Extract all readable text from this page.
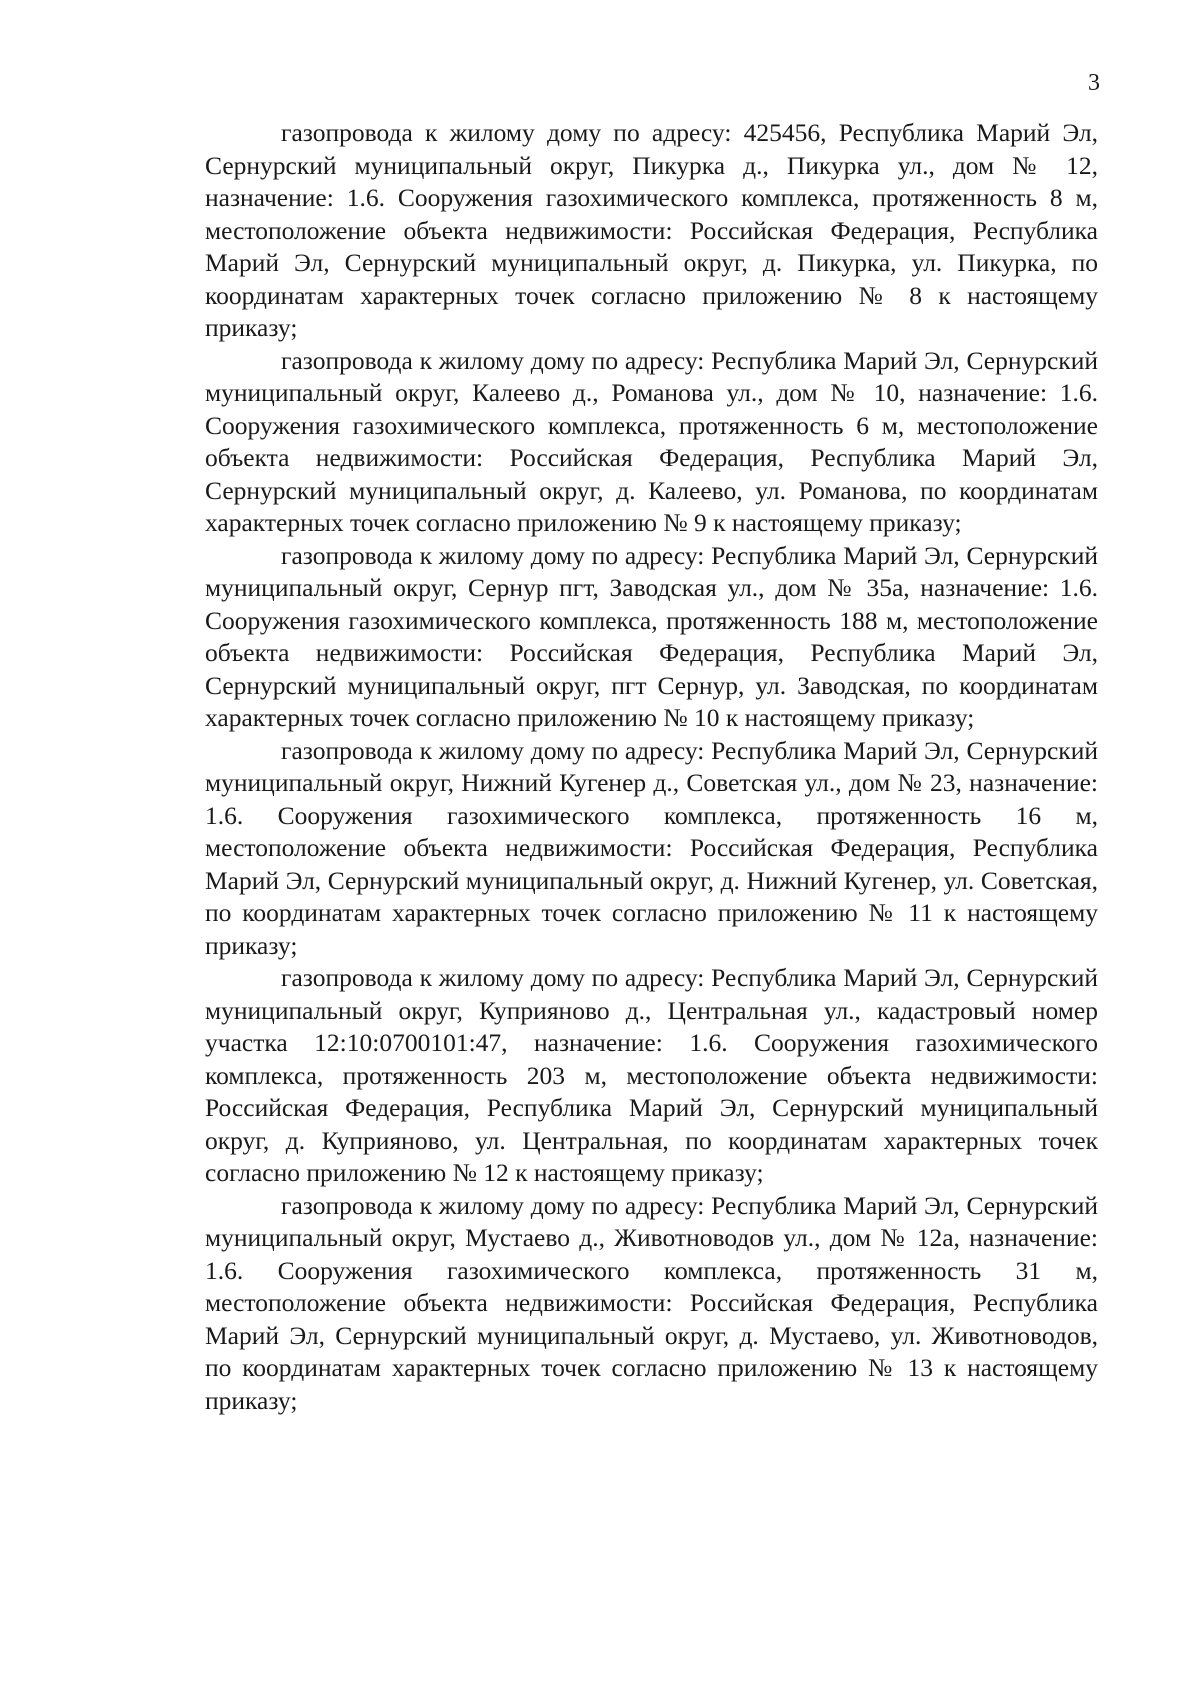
3

газопровода к жилому дому по адресу: 425456, Республика Марий Эл, Сернурский муниципальный округ, Пикурка д., Пикурка ул., дом № 12, назначение: 1.6. Сооружения газохимического комплекса, протяженность 8 м, местоположение объекта недвижимости: Российская Федерация, Республика Марий Эл, Сернурский муниципальный округ, д. Пикурка, ул. Пикурка, по координатам характерных точек согласно приложению № 8 к настоящему приказу;

газопровода к жилому дому по адресу: Республика Марий Эл, Сернурский муниципальный округ, Калеево д., Романова ул., дом № 10, назначение: 1.6. Сооружения газохимического комплекса, протяженность 6 м, местоположение объекта недвижимости: Российская Федерация, Республика Марий Эл, Сернурский муниципальный округ, д. Калеево, ул. Романова, по координатам характерных точек согласно приложению № 9 к настоящему приказу;

газопровода к жилому дому по адресу: Республика Марий Эл, Сернурский муниципальный округ, Сернур пгт, Заводская ул., дом № 35а, назначение: 1.6. Сооружения газохимического комплекса, протяженность 188 м, местоположение объекта недвижимости: Российская Федерация, Республика Марий Эл, Сернурский муниципальный округ, пгт Сернур, ул. Заводская, по координатам характерных точек согласно приложению № 10 к настоящему приказу;

газопровода к жилому дому по адресу: Республика Марий Эл, Сернурский муниципальный округ, Нижний Кугенер д., Советская ул., дом № 23, назначение: 1.6. Сооружения газохимического комплекса, протяженность 16 м, местоположение объекта недвижимости: Российская Федерация, Республика Марий Эл, Сернурский муниципальный округ, д. Нижний Кугенер, ул. Советская, по координатам характерных точек согласно приложению № 11 к настоящему приказу;

газопровода к жилому дому по адресу: Республика Марий Эл, Сернурский муниципальный округ, Куприяново д., Центральная ул., кадастровый номер участка 12:10:0700101:47, назначение: 1.6. Сооружения газохимического комплекса, протяженность 203 м, местоположение объекта недвижимости: Российская Федерация, Республика Марий Эл, Сернурский муниципальный округ, д. Куприяново, ул. Центральная, по координатам характерных точек согласно приложению № 12 к настоящему приказу;

газопровода к жилому дому по адресу: Республика Марий Эл, Сернурский муниципальный округ, Мустаево д., Животноводов ул., дом № 12а, назначение: 1.6. Сооружения газохимического комплекса, протяженность 31 м, местоположение объекта недвижимости: Российская Федерация, Республика Марий Эл, Сернурский муниципальный округ, д. Мустаево, ул. Животноводов, по координатам характерных точек согласно приложению № 13 к настоящему приказу;
